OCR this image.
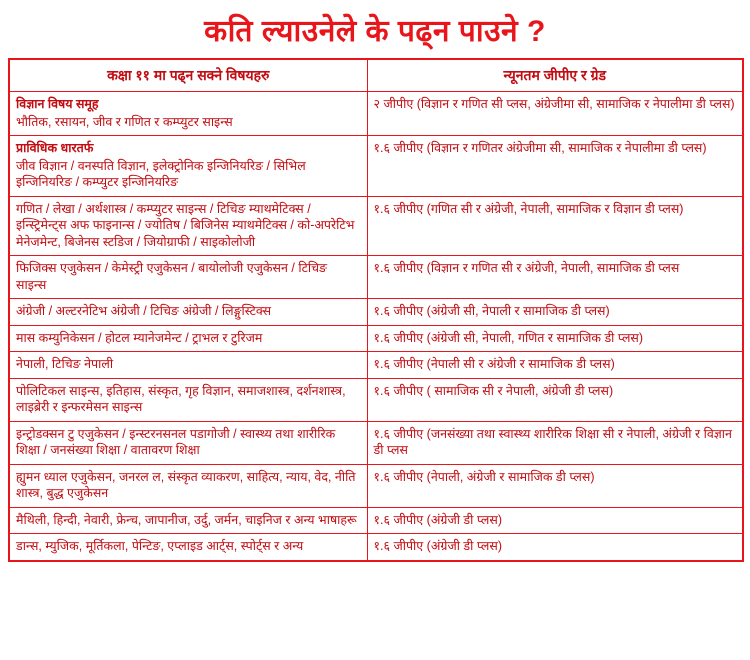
कति ल्याउनेले के पढ्न पाउने ?
कक्षा ११ मा पढ्न सक्ने विषयहरु	न्यूनतम जीपीए र ग्रेड

विज्ञान विषय समूह
भौतिक, रसायन, जीव र गणित र कम्प्युटर साइन्स	२ जीपीए (विज्ञान र गणित सी प्लस, अंग्रेजीमा सी, सामाजिक र नेपालीमा डी प्लस)

प्राविधिक धारतर्फ
जीव विज्ञान / वनस्पति विज्ञान, इलेक्ट्रोनिक इन्जिनियरिङ / सिभिल इन्जिनियरिङ / कम्प्युटर इन्जिनियरिङ	१.६ जीपीए (विज्ञान र गणितर अंग्रेजीमा सी, सामाजिक र नेपालीमा डी प्लस)

गणित / लेखा / अर्थशास्त्र / कम्प्युटर साइन्स / टिचिङ म्याथमेटिक्स / इन्स्ट्रिमेन्ट्स अफ फाइनान्स / ज्योतिष / बिजिनेस म्याथमेटिक्स / को-अपरेटिभ मेनेजमेन्ट, बिजेनस स्टडिज / जियोग्राफी / साइकोलोजी	१.६ जीपीए (गणित सी र अंग्रेजी, नेपाली, सामाजिक र विज्ञान डी प्लस)

फिजिक्स एजुकेसन / केमेस्ट्री एजुकेसन / बायोलोजी एजुकेसन / टिचिङ साइन्स	१.६ जीपीए (विज्ञान र गणित सी र अंग्रेजी, नेपाली, सामाजिक डी प्लस

अंग्रेजी / अल्टरनेटिभ अंग्रेजी / टिचिङ अंग्रेजी / लिङ्गुस्टिक्स	१.६ जीपीए (अंग्रेजी सी, नेपाली र सामाजिक डी प्लस)

मास कम्युनिकेसन / होटल म्यानेजमेन्ट / ट्राभल र टुरिजम	१.६ जीपीए (अंग्रेजी सी, नेपाली, गणित र सामाजिक डी प्लस)

नेपाली, टिचिङ नेपाली	१.६ जीपीए (नेपाली सी र अंग्रेजी र सामाजिक डी प्लस)

पोलिटिकल साइन्स, इतिहास, संस्कृत, गृह विज्ञान, समाजशास्त्र, दर्शनशास्त्र, लाइब्रेरी र इन्फरमेसन साइन्स	१.६ जीपीए ( सामाजिक सी र नेपाली, अंग्रेजी डी प्लस)

इन्ट्रोडक्सन टु एजुकेसन / इन्स्टरनसनल पडागोजी / स्वास्थ्य तथा शारीरिक शिक्षा / जनसंख्या शिक्षा / वातावरण शिक्षा	१.६ जीपीए (जनसंख्या तथा स्वास्थ्य शारीरिक शिक्षा सी र नेपाली, अंग्रेजी र विज्ञान डी प्लस

ह्युमन ध्याल एजुकेसन, जनरल ल, संस्कृत व्याकरण, साहित्य, न्याय, वेद, नीति शास्त्र, बुद्ध एजुकेसन	१.६ जीपीए (नेपाली, अंग्रेजी र सामाजिक डी प्लस)

मैथिली, हिन्दी, नेवारी, फ्रेन्च, जापानीज, उर्दु, जर्मन, चाइनिज र अन्य भाषाहरू	१.६ जीपीए (अंग्रेजी डी प्लस)

डान्स, म्युजिक, मूर्तिकला, पेन्टिङ, एप्लाइड आर्ट्स, स्पोर्ट्स र अन्य	१.६ जीपीए (अंग्रेजी डी प्लस)
